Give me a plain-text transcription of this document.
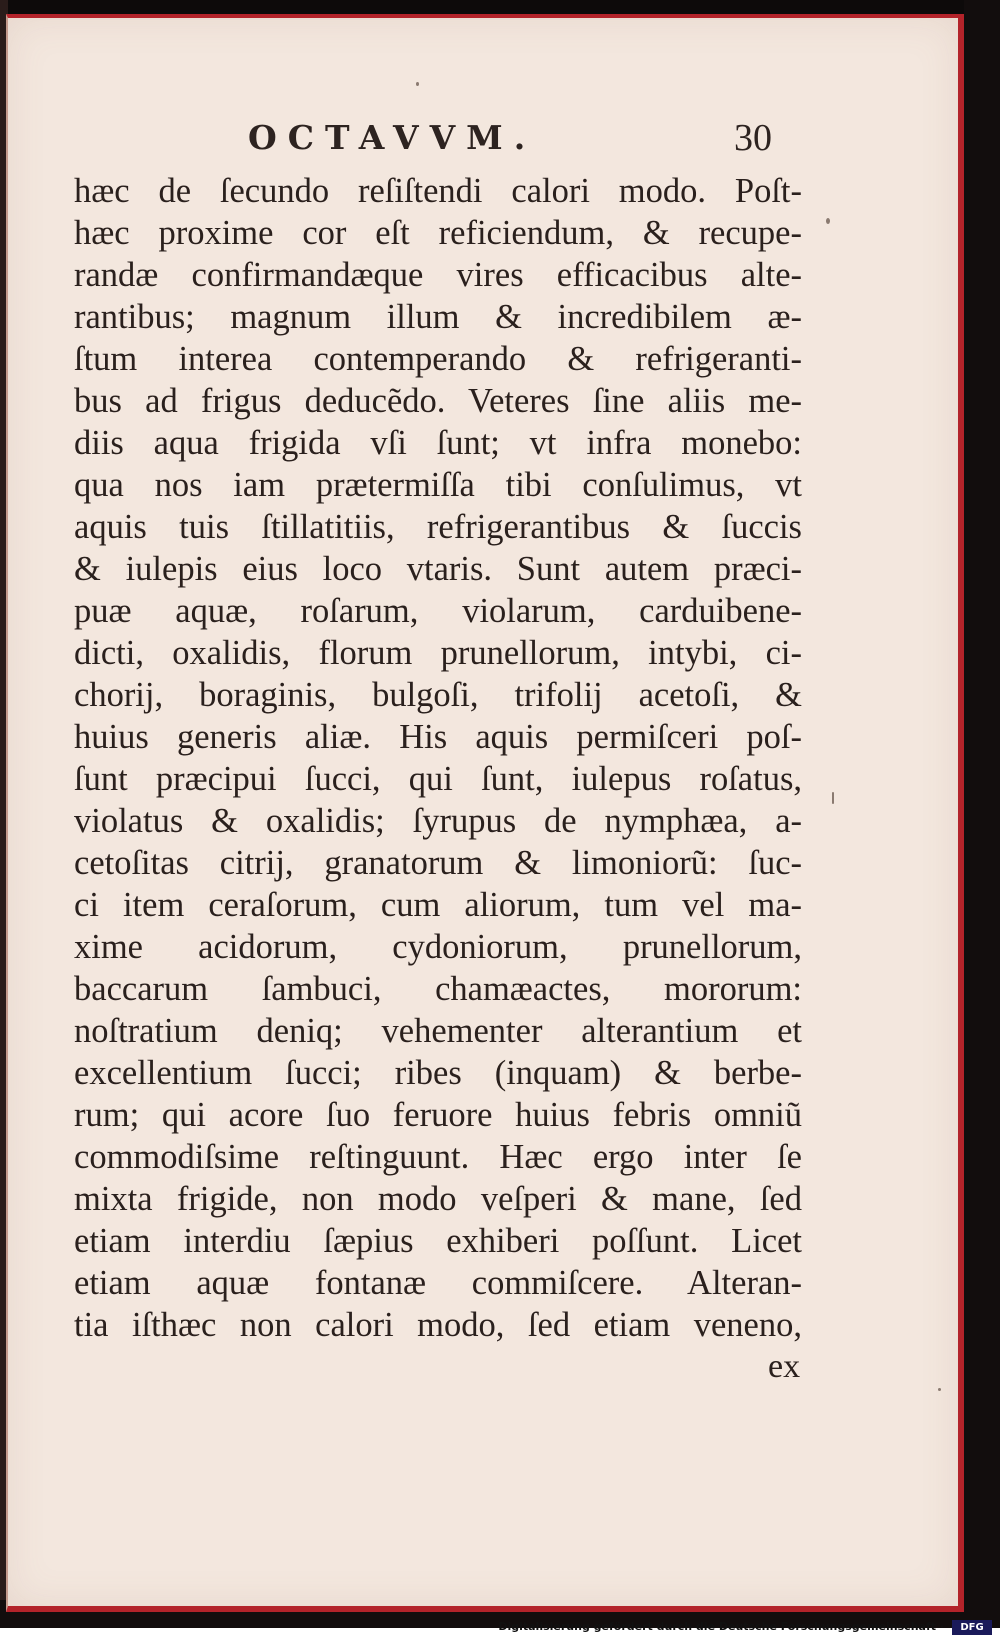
OCTAVVM.	30
hæc de ſecundo reſiſtendi calori modo. Poſt-
hæc proxime cor eſt reficiendum, & recupe-
randæ confirmandæque vires efficacibus alte-
rantibus; magnum illum & incredibilem æ-
ſtum interea contemperando & refrigeranti-
bus ad frigus deducẽdo. Veteres ſine aliis me-
diis aqua frigida vſi ſunt; vt infra monebo:
qua nos iam prætermiſſa tibi conſulimus, vt
aquis tuis ſtillatitiis, refrigerantibus & ſuccis
& iulepis eius loco vtaris. Sunt autem præci-
puæ aquæ, roſarum, violarum, carduibene-
dicti, oxalidis, florum prunellorum, intybi, ci-
chorij, boraginis, bulgoſi, trifolij acetoſi, &
huius generis aliæ. His aquis permiſceri poſ-
ſunt præcipui ſucci, qui ſunt, iulepus roſatus,
violatus & oxalidis; ſyrupus de nymphæa, a-
cetoſitas citrij, granatorum & limoniorũ: ſuc-
ci item ceraſorum, cum aliorum, tum vel ma-
xime acidorum, cydoniorum, prunellorum,
baccarum ſambuci, chamæactes, mororum:
noſtratium deniq; vehementer alterantium et
excellentium ſucci; ribes (inquam) & berbe-
rum; qui acore ſuo feruore huius febris omniũ
commodiſsime reſtinguunt. Hæc ergo inter ſe
mixta frigide, non modo veſperi & mane, ſed
etiam interdiu ſæpius exhiberi poſſunt. Licet
etiam aquæ fontanæ commiſcere. Alteran-
tia iſthæc non calori modo, ſed etiam veneno,
ex
Digitalisierung gefördert durch die Deutsche Forschungsgemeinschaft ·	DFG
